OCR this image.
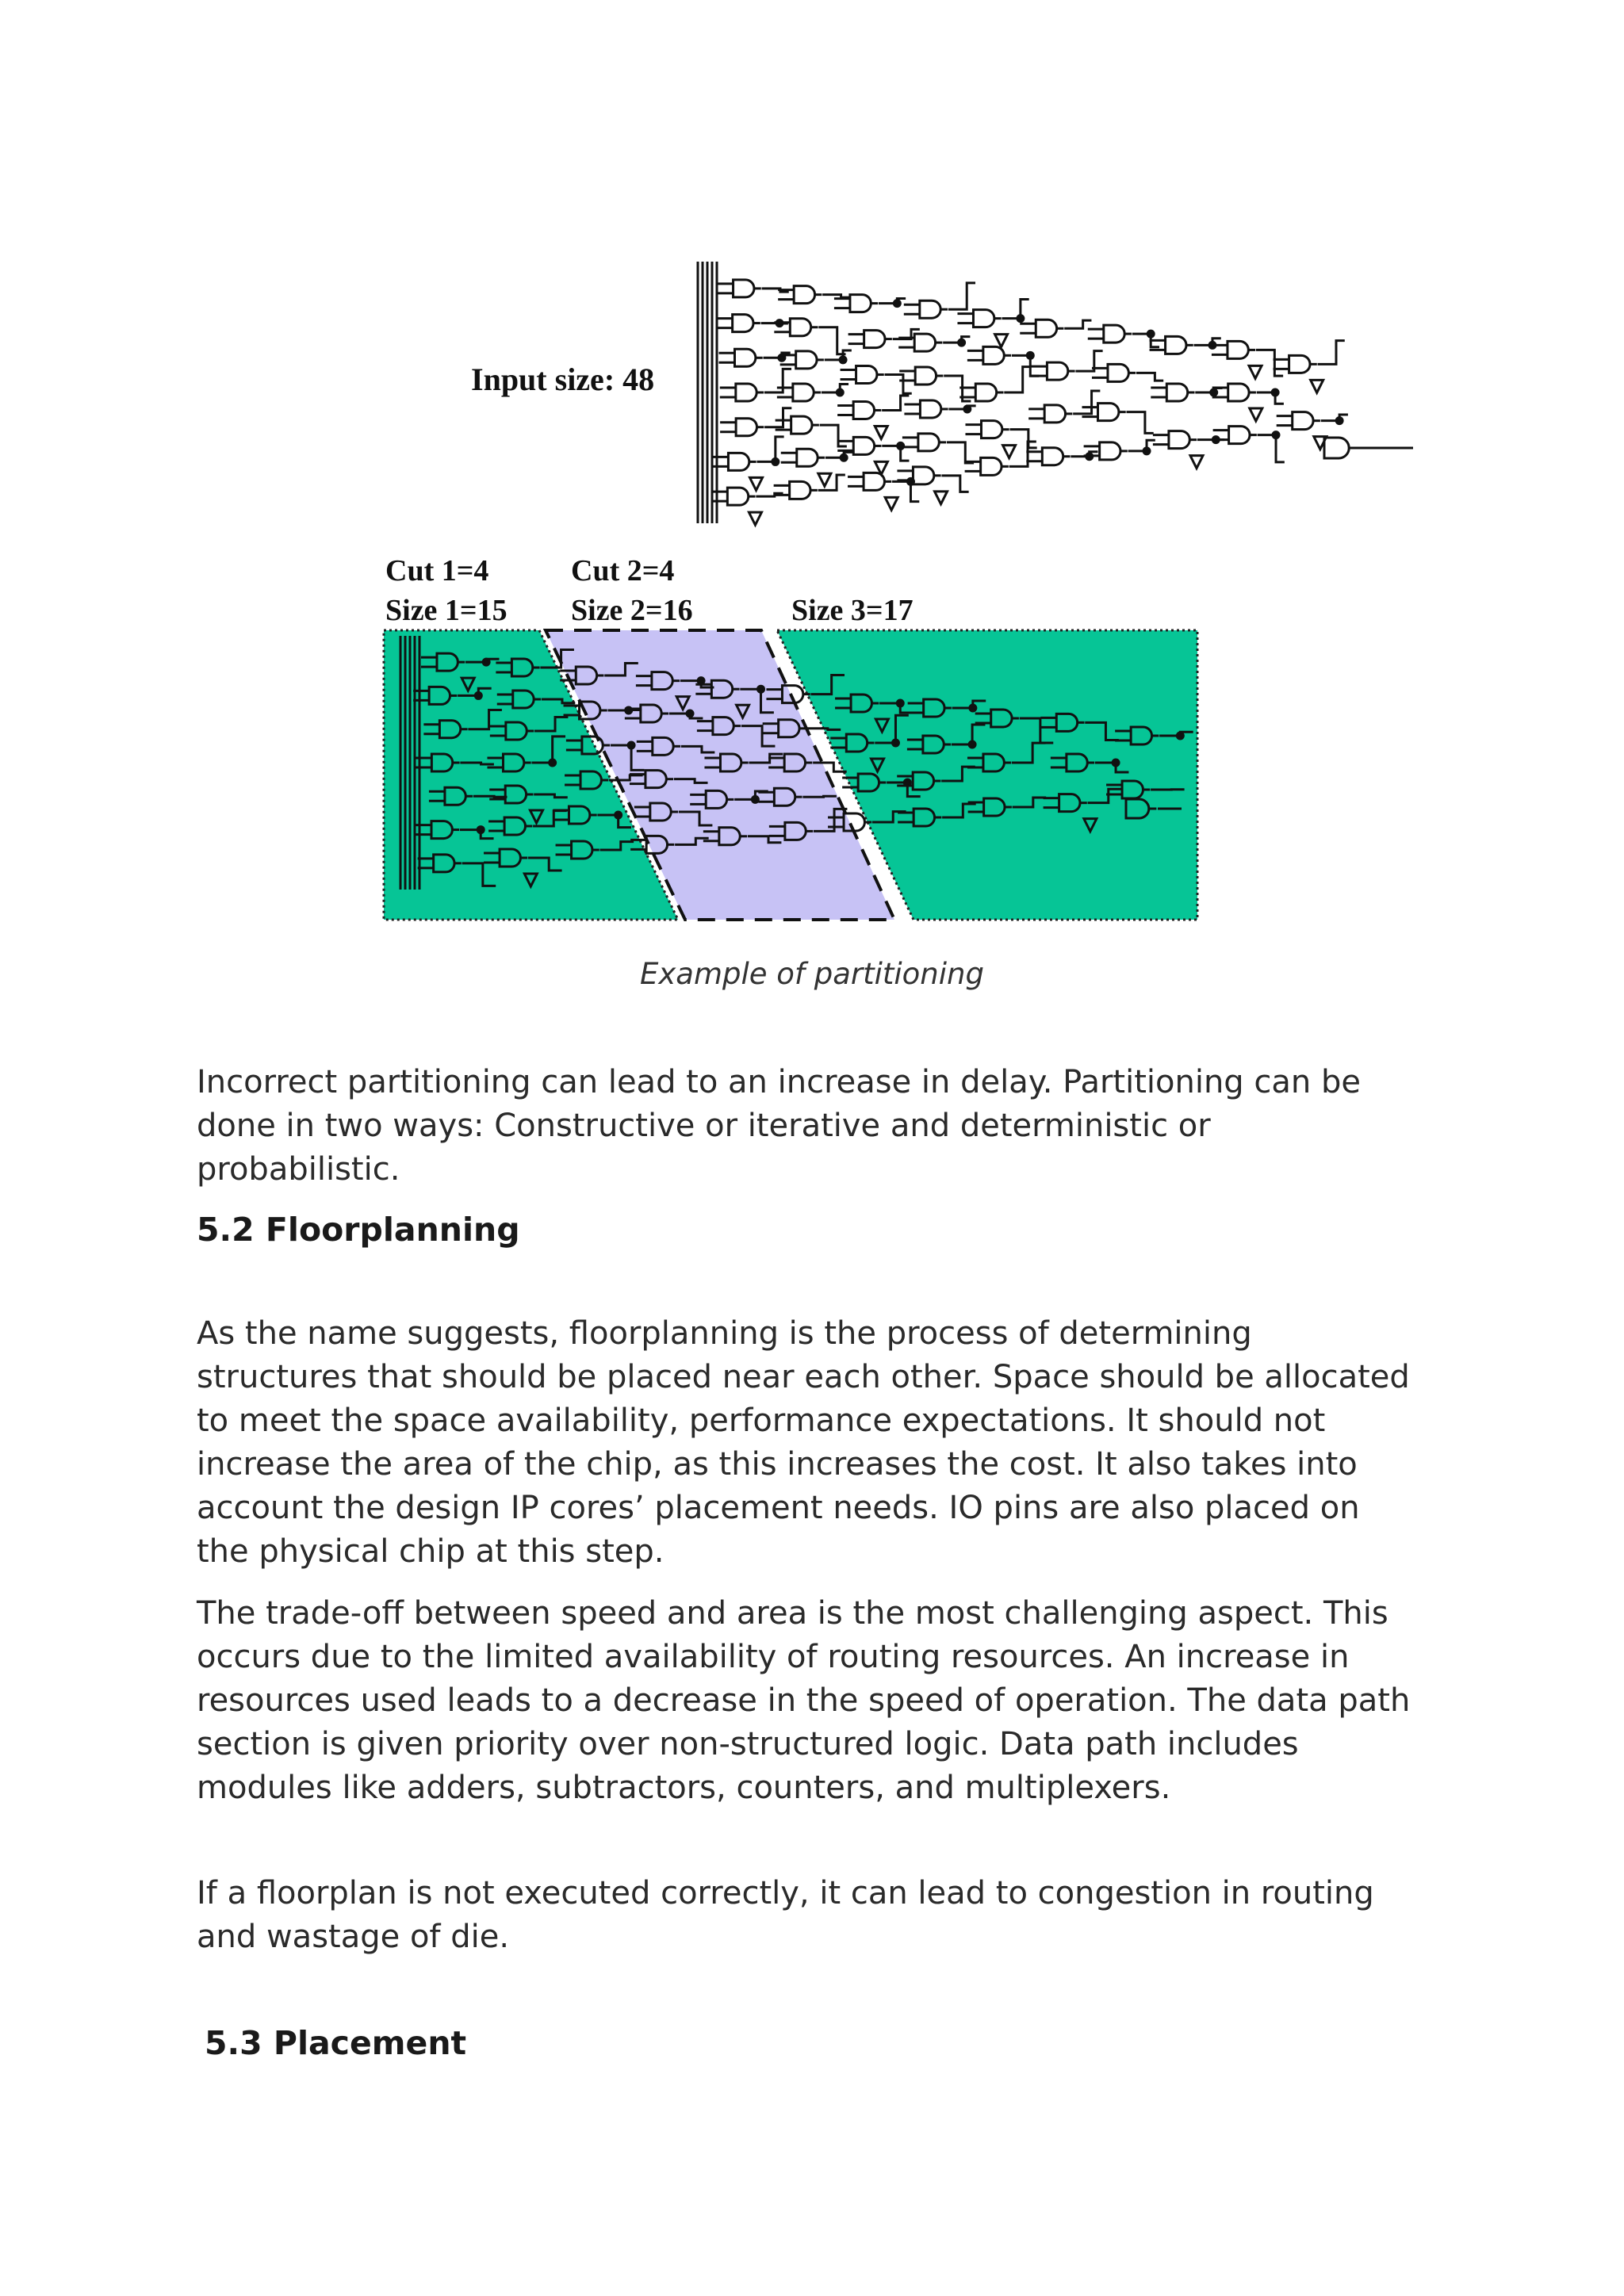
Input size: 48
Cut 1=4
Size 1=15
Cut 2=4
Size 2=16	Size 3=17
Example of partitioning

Incorrect partitioning can lead to an increase in delay. Partitioning can be done in two ways: Constructive or iterative and deterministic or probabilistic.

5.2 Floorplanning

As the name suggests, floorplanning is the process of determining structures that should be placed near each other. Space should be allocated to meet the space availability, performance expectations. It should not increase the area of the chip, as this increases the cost. It also takes into account the design IP cores’ placement needs. IO pins are also placed on the physical chip at this step.

The trade-off between speed and area is the most challenging aspect. This occurs due to the limited availability of routing resources. An increase in resources used leads to a decrease in the speed of operation. The data path section is given priority over non-structured logic. Data path includes modules like adders, subtractors, counters, and multiplexers.

If a floorplan is not executed correctly, it can lead to congestion in routing and wastage of die.

5.3 Placement
